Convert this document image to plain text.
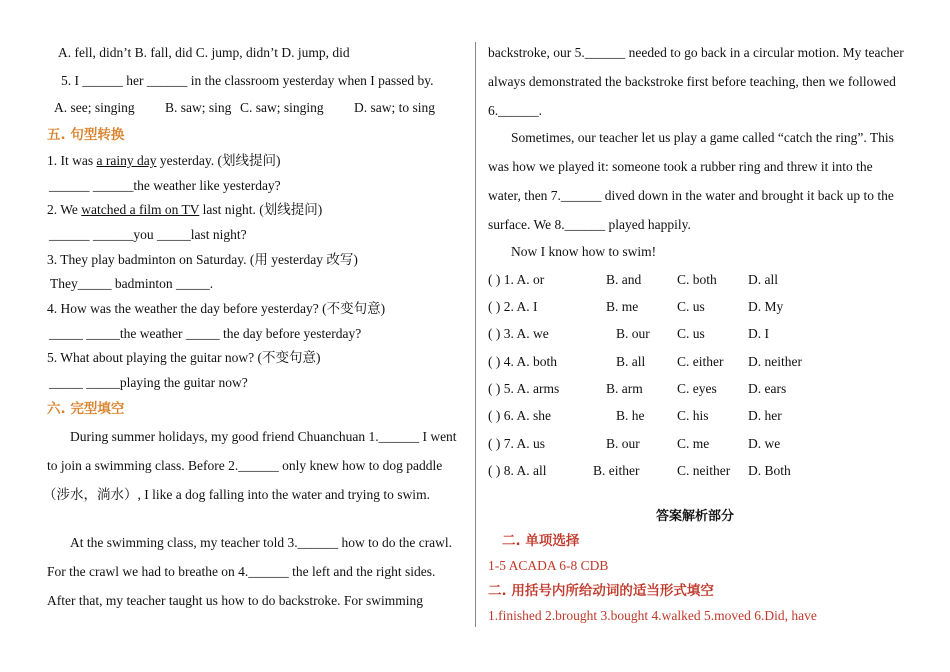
A. fell, didn’t B. fall, did C. jump, didn’t D. jump, did
5. I ______ her ______ in the classroom yesterday when I passed by.
A. see; singing B. saw; sing C. saw; singing D. saw; to sing
五. 句型转换
1. It was a rainy day yesterday. (划线提问)
______ ______the weather like yesterday?
2. We watched a film on TV last night. (划线提问)
______ ______you _____last night?
3. They play badminton on Saturday. (用 yesterday 改写)
They_____ badminton _____.
4. How was the weather the day before yesterday? (不变句意)
_____ _____the weather _____ the day before yesterday?
5. What about playing the guitar now? (不变句意)
_____ _____playing the guitar now?
六. 完型填空
During summer holidays, my good friend Chuanchuan 1.______ I went
to join a swimming class. Before 2.______ only knew how to dog paddle
（涉水，淌水）, I like a dog falling into the water and trying to swim.
At the swimming class, my teacher told 3.______ how to do the crawl.
For the crawl we had to breathe on 4.______ the left and the right sides.
After that, my teacher taught us how to do backstroke. For swimming
backstroke, our 5.______ needed to go back in a circular motion. My teacher
always demonstrated the backstroke first before teaching, then we followed
6.______.
Sometimes, our teacher let us play a game called “catch the ring”. This
was how we played it: someone took a rubber ring and threw it into the
water, then 7.______ dived down in the water and brought it back up to the
surface. We 8.______ played happily.
Now I know how to swim!
( ) 1. A. or	B. and	C. both D. all
( ) 2. A. I	B. me	C. us	D. My
( ) 3. A. we	B. our C. us	D. I
( ) 4. A. both	B. all C. either D. neither
( ) 5. A. arms	B. arm	C. eyes D. ears
( ) 6. A. she	B. he C. his	D. her
( ) 7. A. us	B. our	C. me	D. we
( ) 8. A. all	B. either	C. neither D. Both
答案解析部分
二. 单项选择
1-5 ACADA 6-8 CDB
二. 用括号内所给动词的适当形式填空
1.finished 2.brought 3.bought 4.walked 5.moved 6.Did, have
